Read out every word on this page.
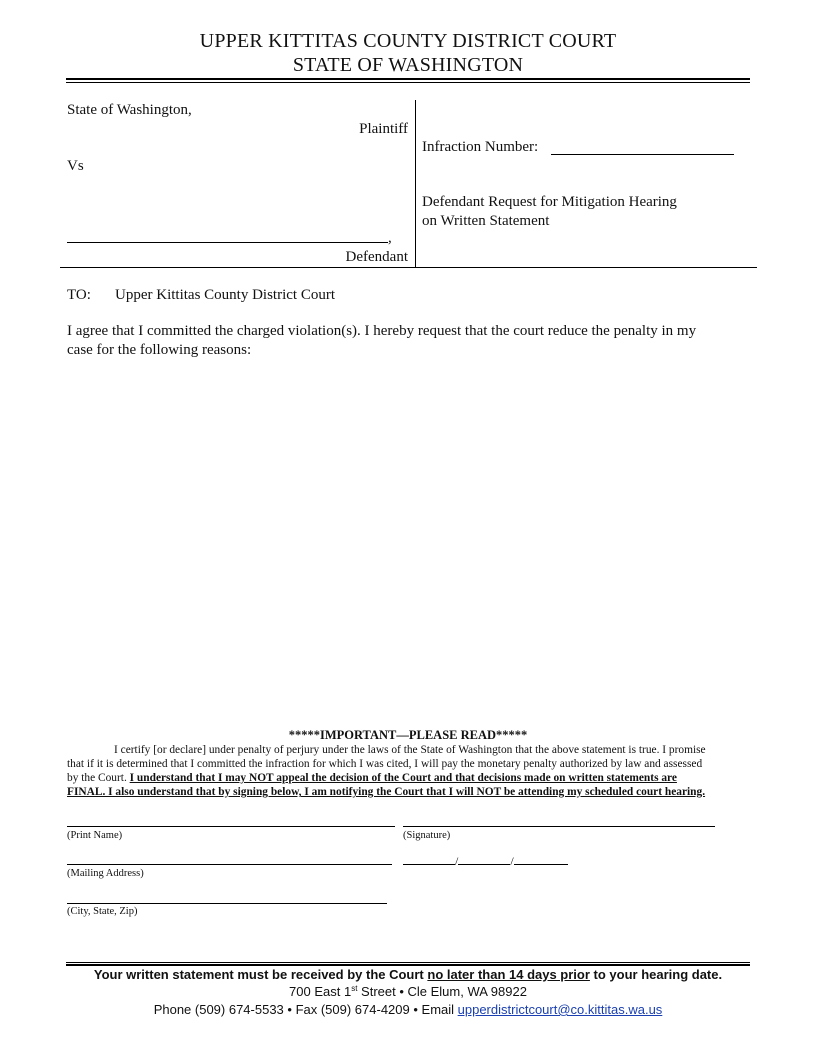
UPPER KITTITAS COUNTY DISTRICT COURT
STATE OF WASHINGTON
State of Washington,
Plaintiff
Vs
,
Defendant
Infraction Number:
Defendant Request for Mitigation Hearing
on Written Statement
TO: Upper Kittitas County District Court
I agree that I committed the charged violation(s). I hereby request that the court reduce the penalty in my
case for the following reasons:
*****IMPORTANT—PLEASE READ*****
I certify [or declare] under penalty of perjury under the laws of the State of Washington that the above statement is true. I promise
that if it is determined that I committed the infraction for which I was cited, I will pay the monetary penalty authorized by law and assessed
by the Court. I understand that I may NOT appeal the decision of the Court and that decisions made on written statements are
FINAL. I also understand that by signing below, I am notifying the Court that I will NOT be attending my scheduled court hearing.
(Print Name)	(Signature)
(Mailing Address)
/	/
(City, State, Zip)
Your written statement must be received by the Court no later than 14 days prior to your hearing date.
700 East 1st Street • Cle Elum, WA 98922
Phone (509) 674-5533 • Fax (509) 674-4209 • Email upperdistrictcourt@co.kittitas.wa.us
